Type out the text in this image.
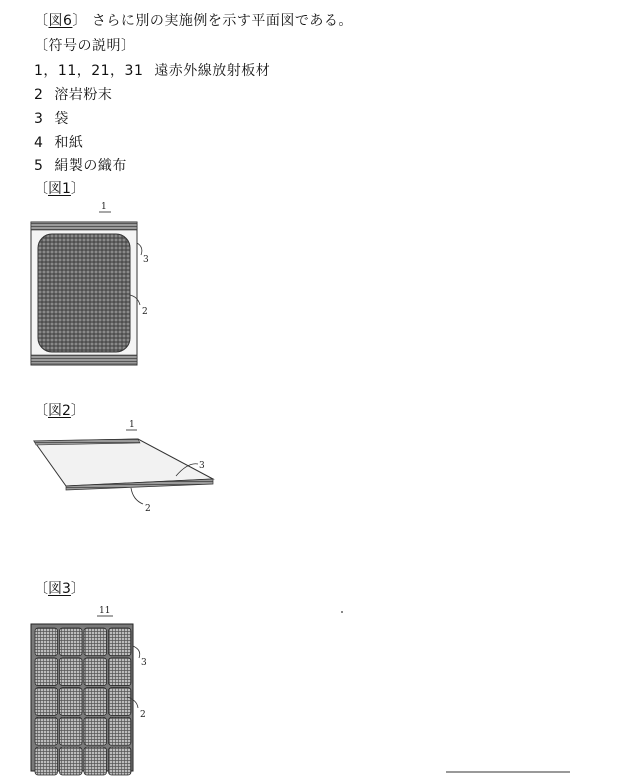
〔図6〕 さらに別の実施例を示す平面図である。
〔符号の説明〕
1，11，21，31 遠赤外線放射板材
2 溶岩粉末
3 袋
4 和紙
5 絹製の織布
〔図1〕
〔図2〕
〔図3〕
1
3
2
1
3
2
11
3
2
